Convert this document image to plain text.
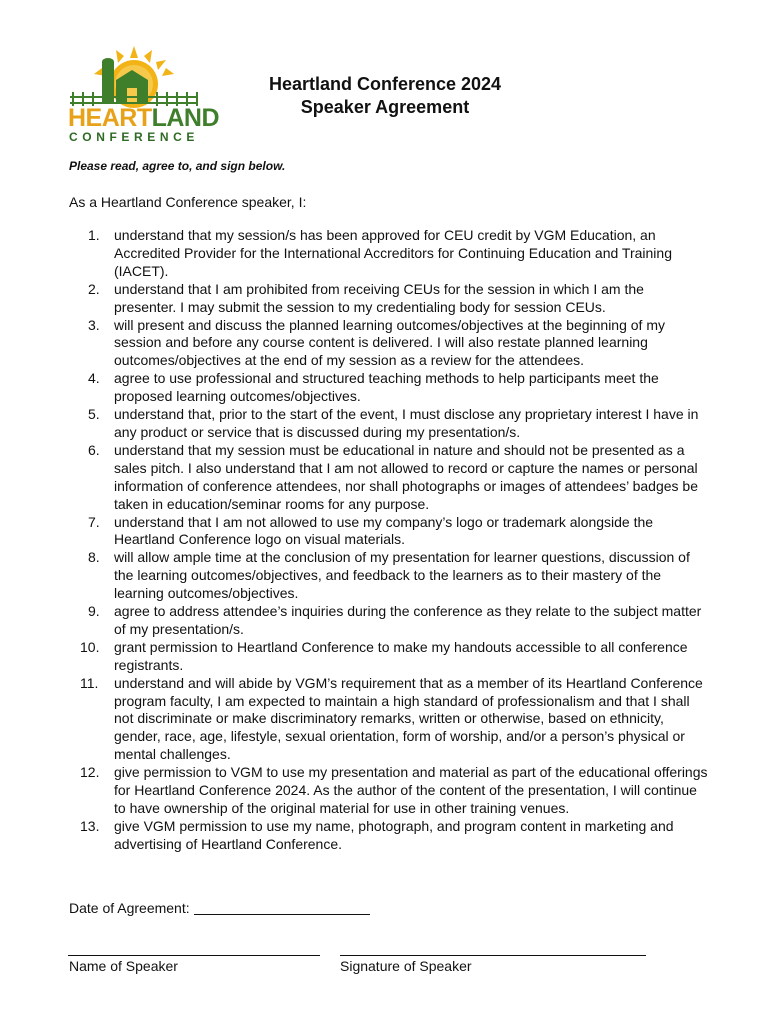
HEARTLAND
CONFERENCE
Heartland Conference 2024
Speaker Agreement
Please read, agree to, and sign below.
As a Heartland Conference speaker, I:
1. understand that my session/s has been approved for CEU credit by VGM Education, an Accredited Provider for the International Accreditors for Continuing Education and Training (IACET).
2. understand that I am prohibited from receiving CEUs for the session in which I am the presenter. I may submit the session to my credentialing body for session CEUs.
3. will present and discuss the planned learning outcomes/objectives at the beginning of my session and before any course content is delivered. I will also restate planned learning outcomes/objectives at the end of my session as a review for the attendees.
4. agree to use professional and structured teaching methods to help participants meet the proposed learning outcomes/objectives.
5. understand that, prior to the start of the event, I must disclose any proprietary interest I have in any product or service that is discussed during my presentation/s.
6. understand that my session must be educational in nature and should not be presented as a sales pitch. I also understand that I am not allowed to record or capture the names or personal information of conference attendees, nor shall photographs or images of attendees’ badges be taken in education/seminar rooms for any purpose.
7. understand that I am not allowed to use my company’s logo or trademark alongside the Heartland Conference logo on visual materials.
8. will allow ample time at the conclusion of my presentation for learner questions, discussion of the learning outcomes/objectives, and feedback to the learners as to their mastery of the learning outcomes/objectives.
9. agree to address attendee’s inquiries during the conference as they relate to the subject matter of my presentation/s.
10. grant permission to Heartland Conference to make my handouts accessible to all conference registrants.
11. understand and will abide by VGM’s requirement that as a member of its Heartland Conference program faculty, I am expected to maintain a high standard of professionalism and that I shall not discriminate or make discriminatory remarks, written or otherwise, based on ethnicity, gender, race, age, lifestyle, sexual orientation, form of worship, and/or a person’s physical or mental challenges.
12. give permission to VGM to use my presentation and material as part of the educational offerings for Heartland Conference 2024. As the author of the content of the presentation, I will continue to have ownership of the original material for use in other training venues.
13. give VGM permission to use my name, photograph, and program content in marketing and advertising of Heartland Conference.
Date of Agreement:
Name of Speaker	Signature of Speaker
